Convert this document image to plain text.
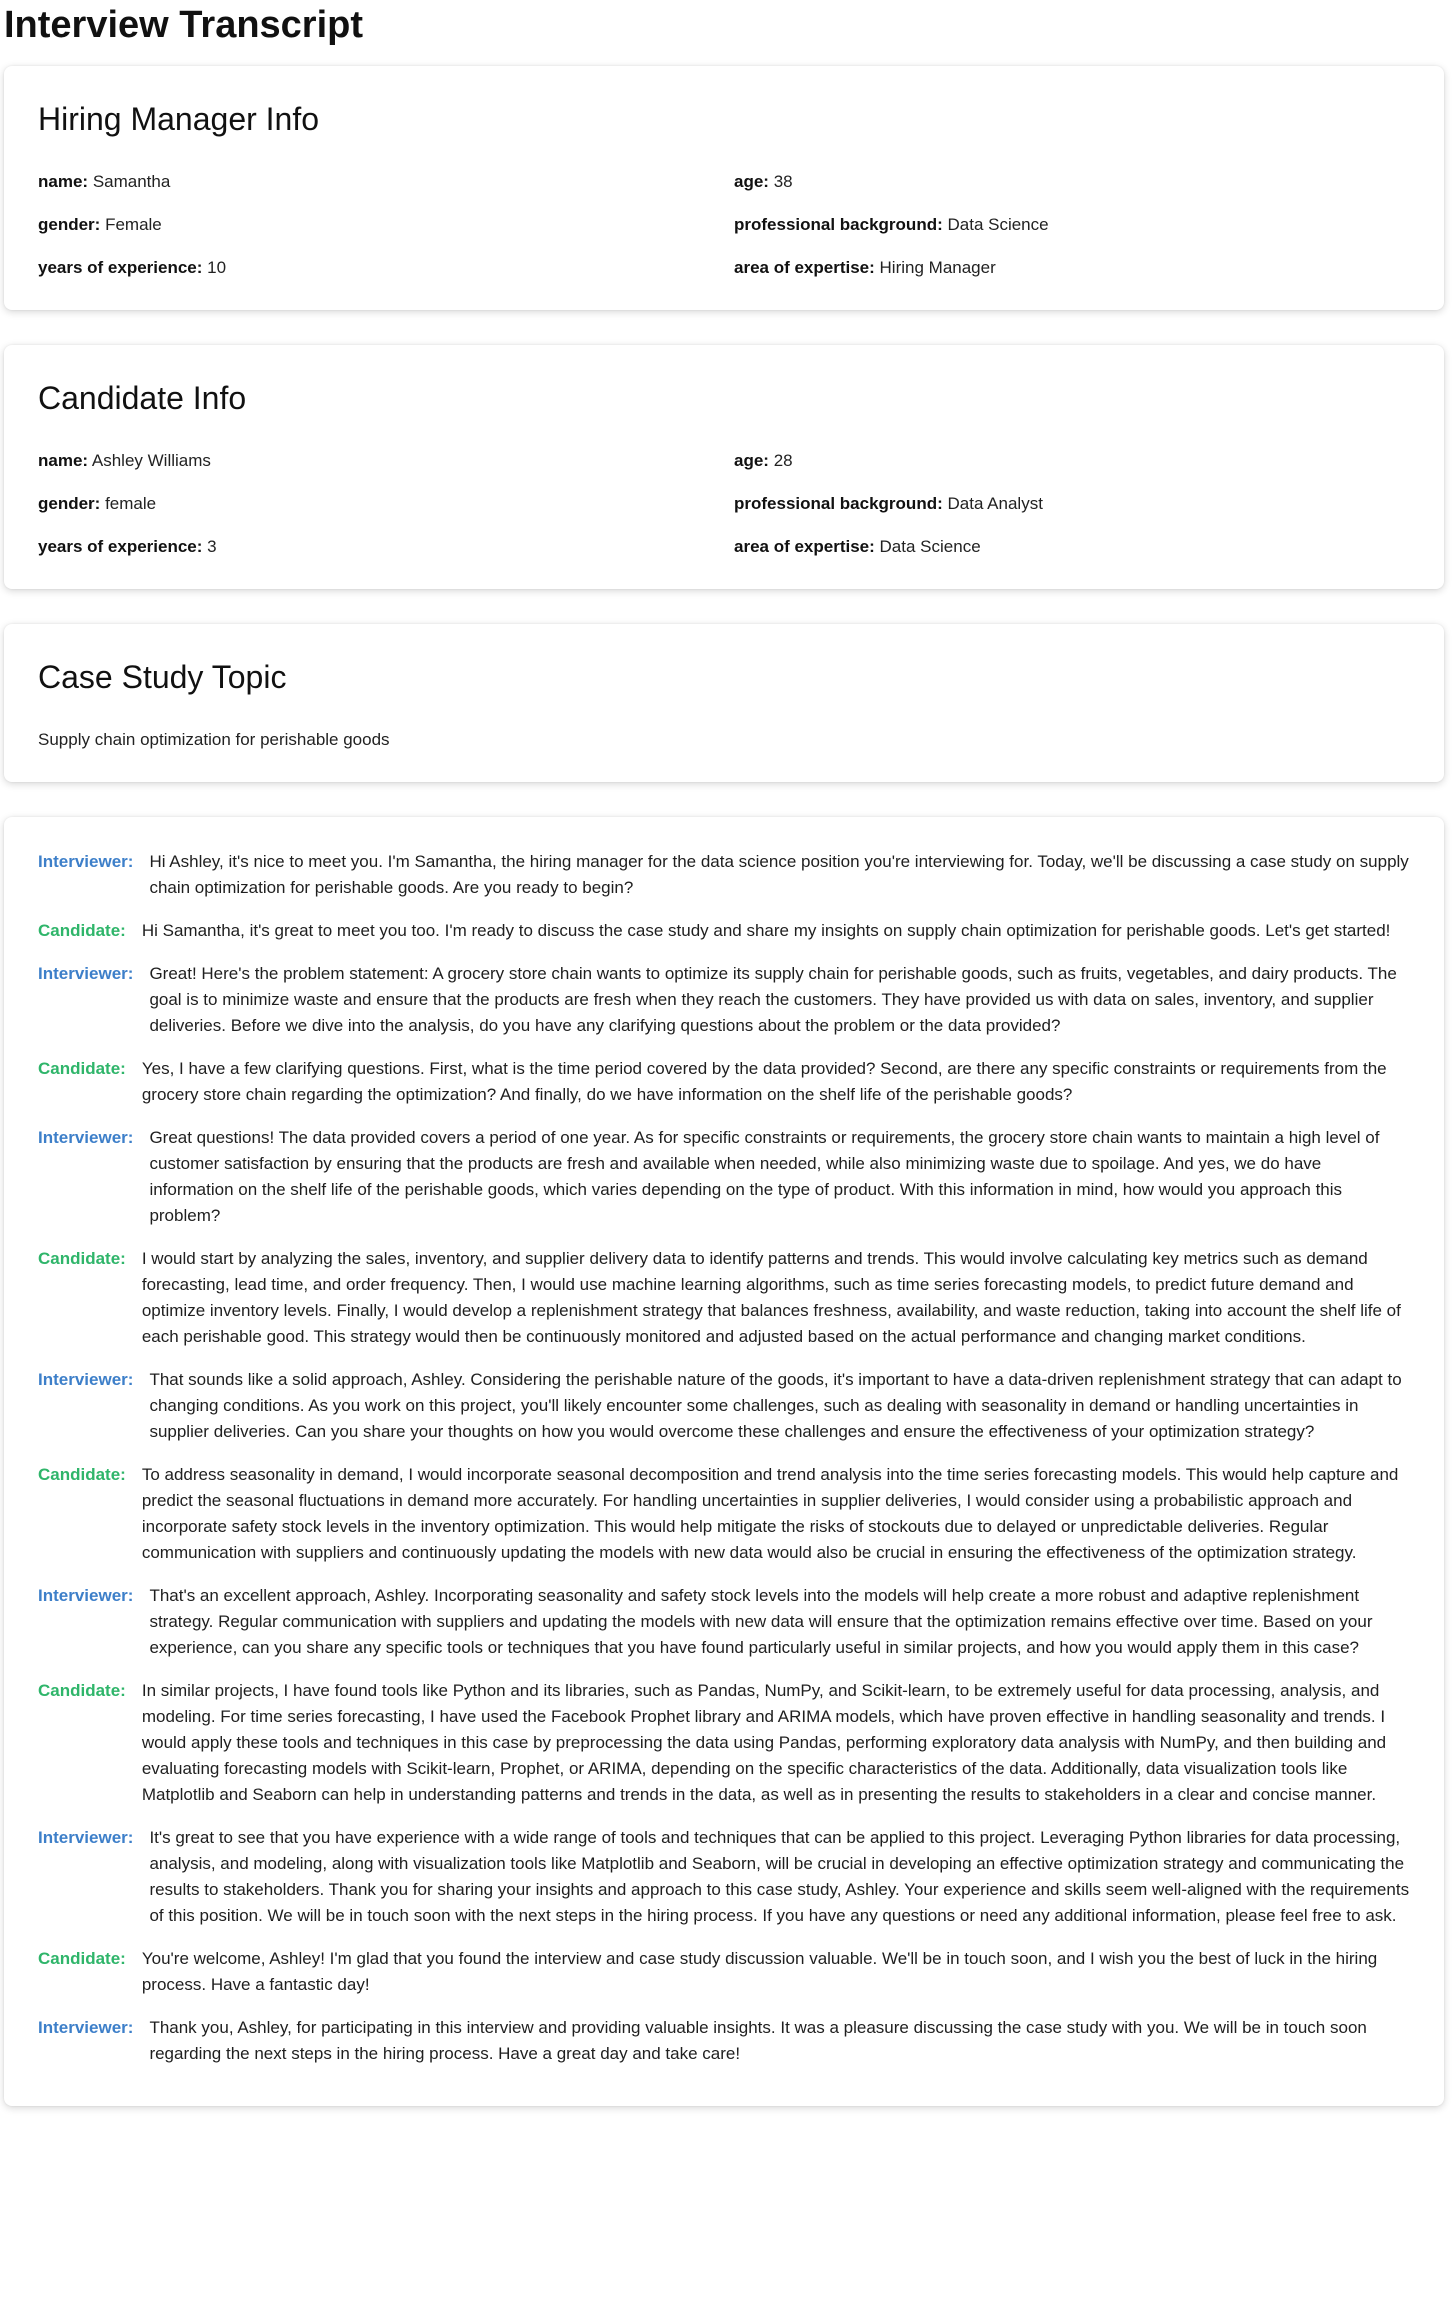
Interview Transcript
Hiring Manager Info
name: Samantha	age: 38
gender: Female	professional background: Data Science
years of experience: 10	area of expertise: Hiring Manager
Candidate Info
name: Ashley Williams	age: 28
gender: female	professional background: Data Analyst
years of experience: 3	area of expertise: Data Science
Case Study Topic
Supply chain optimization for perishable goods
Interviewer: Hi Ashley, it's nice to meet you. I'm Samantha, the hiring manager for the data science position you're interviewing for. Today, we'll be discussing a case study on supply chain optimization for perishable goods. Are you ready to begin?
Candidate: Hi Samantha, it's great to meet you too. I'm ready to discuss the case study and share my insights on supply chain optimization for perishable goods. Let's get started!
Interviewer: Great! Here's the problem statement: A grocery store chain wants to optimize its supply chain for perishable goods, such as fruits, vegetables, and dairy products. The goal is to minimize waste and ensure that the products are fresh when they reach the customers. They have provided us with data on sales, inventory, and supplier deliveries. Before we dive into the analysis, do you have any clarifying questions about the problem or the data provided?
Candidate: Yes, I have a few clarifying questions. First, what is the time period covered by the data provided? Second, are there any specific constraints or requirements from the grocery store chain regarding the optimization? And finally, do we have information on the shelf life of the perishable goods?
Interviewer: Great questions! The data provided covers a period of one year. As for specific constraints or requirements, the grocery store chain wants to maintain a high level of customer satisfaction by ensuring that the products are fresh and available when needed, while also minimizing waste due to spoilage. And yes, we do have information on the shelf life of the perishable goods, which varies depending on the type of product. With this information in mind, how would you approach this problem?
Candidate: I would start by analyzing the sales, inventory, and supplier delivery data to identify patterns and trends. This would involve calculating key metrics such as demand forecasting, lead time, and order frequency. Then, I would use machine learning algorithms, such as time series forecasting models, to predict future demand and optimize inventory levels. Finally, I would develop a replenishment strategy that balances freshness, availability, and waste reduction, taking into account the shelf life of each perishable good. This strategy would then be continuously monitored and adjusted based on the actual performance and changing market conditions.
Interviewer: That sounds like a solid approach, Ashley. Considering the perishable nature of the goods, it's important to have a data-driven replenishment strategy that can adapt to changing conditions. As you work on this project, you'll likely encounter some challenges, such as dealing with seasonality in demand or handling uncertainties in supplier deliveries. Can you share your thoughts on how you would overcome these challenges and ensure the effectiveness of your optimization strategy?
Candidate: To address seasonality in demand, I would incorporate seasonal decomposition and trend analysis into the time series forecasting models. This would help capture and predict the seasonal fluctuations in demand more accurately. For handling uncertainties in supplier deliveries, I would consider using a probabilistic approach and incorporate safety stock levels in the inventory optimization. This would help mitigate the risks of stockouts due to delayed or unpredictable deliveries. Regular communication with suppliers and continuously updating the models with new data would also be crucial in ensuring the effectiveness of the optimization strategy.
Interviewer: That's an excellent approach, Ashley. Incorporating seasonality and safety stock levels into the models will help create a more robust and adaptive replenishment strategy. Regular communication with suppliers and updating the models with new data will ensure that the optimization remains effective over time. Based on your experience, can you share any specific tools or techniques that you have found particularly useful in similar projects, and how you would apply them in this case?
Candidate: In similar projects, I have found tools like Python and its libraries, such as Pandas, NumPy, and Scikit-learn, to be extremely useful for data processing, analysis, and modeling. For time series forecasting, I have used the Facebook Prophet library and ARIMA models, which have proven effective in handling seasonality and trends. I would apply these tools and techniques in this case by preprocessing the data using Pandas, performing exploratory data analysis with NumPy, and then building and evaluating forecasting models with Scikit-learn, Prophet, or ARIMA, depending on the specific characteristics of the data. Additionally, data visualization tools like Matplotlib and Seaborn can help in understanding patterns and trends in the data, as well as in presenting the results to stakeholders in a clear and concise manner.
Interviewer: It's great to see that you have experience with a wide range of tools and techniques that can be applied to this project. Leveraging Python libraries for data processing, analysis, and modeling, along with visualization tools like Matplotlib and Seaborn, will be crucial in developing an effective optimization strategy and communicating the results to stakeholders. Thank you for sharing your insights and approach to this case study, Ashley. Your experience and skills seem well-aligned with the requirements of this position. We will be in touch soon with the next steps in the hiring process. If you have any questions or need any additional information, please feel free to ask.
Candidate: You're welcome, Ashley! I'm glad that you found the interview and case study discussion valuable. We'll be in touch soon, and I wish you the best of luck in the hiring process. Have a fantastic day!
Interviewer: Thank you, Ashley, for participating in this interview and providing valuable insights. It was a pleasure discussing the case study with you. We will be in touch soon regarding the next steps in the hiring process. Have a great day and take care!
